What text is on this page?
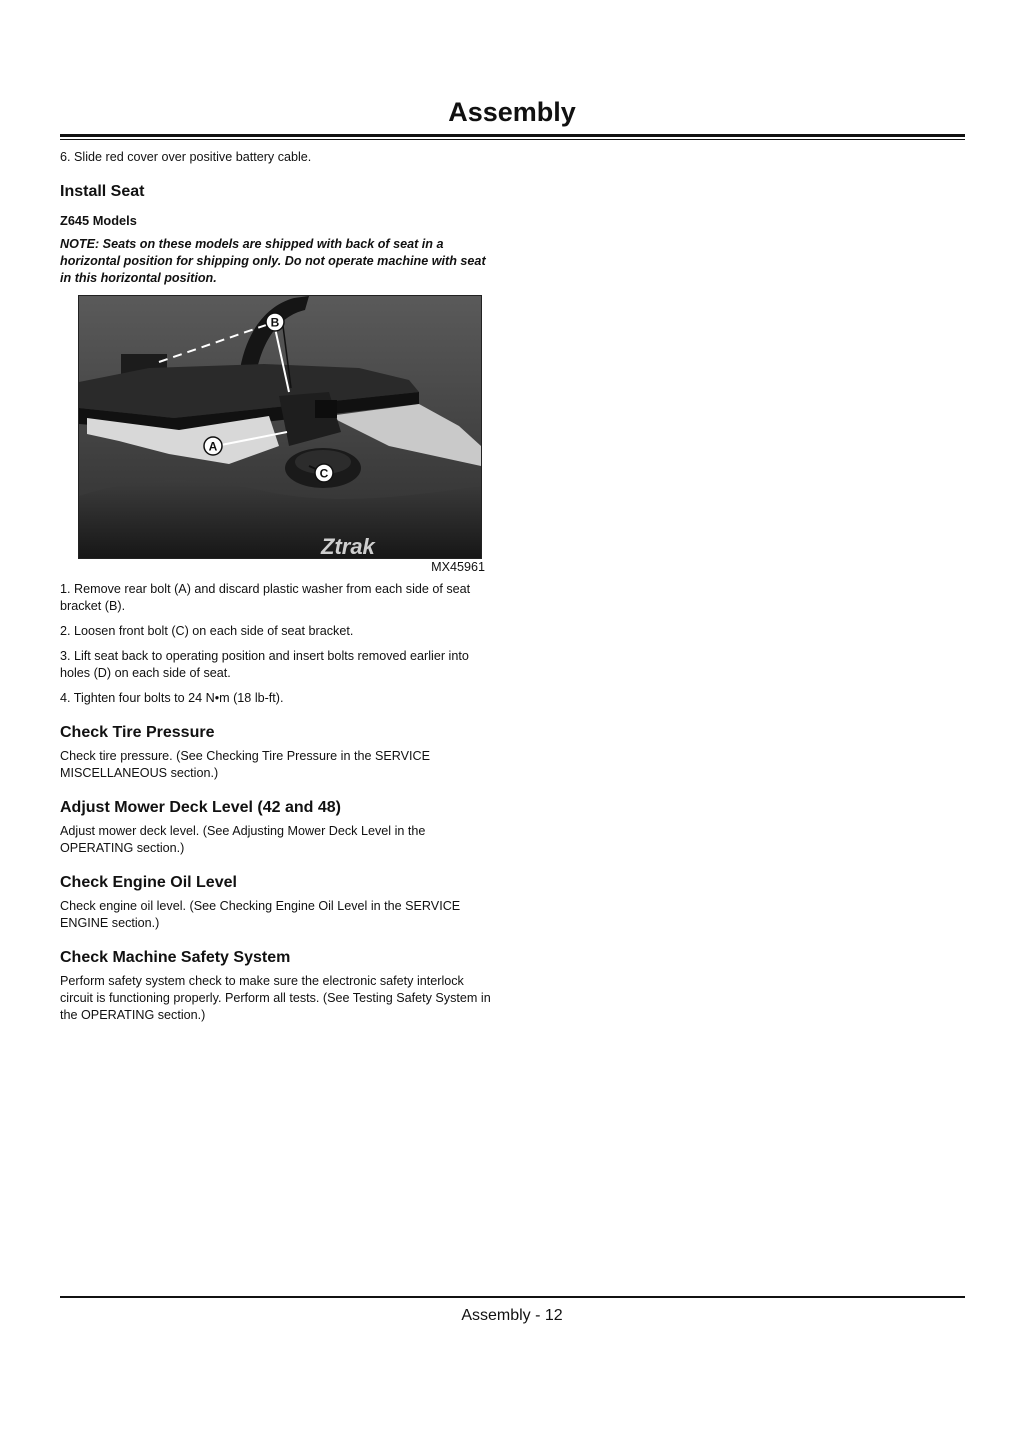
Assembly

6. Slide red cover over positive battery cable.

Install Seat
Z645 Models

NOTE: Seats on these models are shipped with back of seat in a horizontal position for shipping only. Do not operate machine with seat in this horizontal position.

Ztrak
B
A
C
MX45961

1. Remove rear bolt (A) and discard plastic washer from each side of seat bracket (B).

2. Loosen front bolt (C) on each side of seat bracket.

3. Lift seat back to operating position and insert bolts removed earlier into holes (D) on each side of seat.

4. Tighten four bolts to 24 N•m (18 lb-ft).

Check Tire Pressure

Check tire pressure. (See Checking Tire Pressure in the SERVICE MISCELLANEOUS section.)

Adjust Mower Deck Level (42 and 48)

Adjust mower deck level. (See Adjusting Mower Deck Level in the OPERATING section.)

Check Engine Oil Level

Check engine oil level. (See Checking Engine Oil Level in the SERVICE ENGINE section.)

Check Machine Safety System

Perform safety system check to make sure the electronic safety interlock circuit is functioning properly. Perform all tests. (See Testing Safety System in the OPERATING section.)

Assembly - 12
